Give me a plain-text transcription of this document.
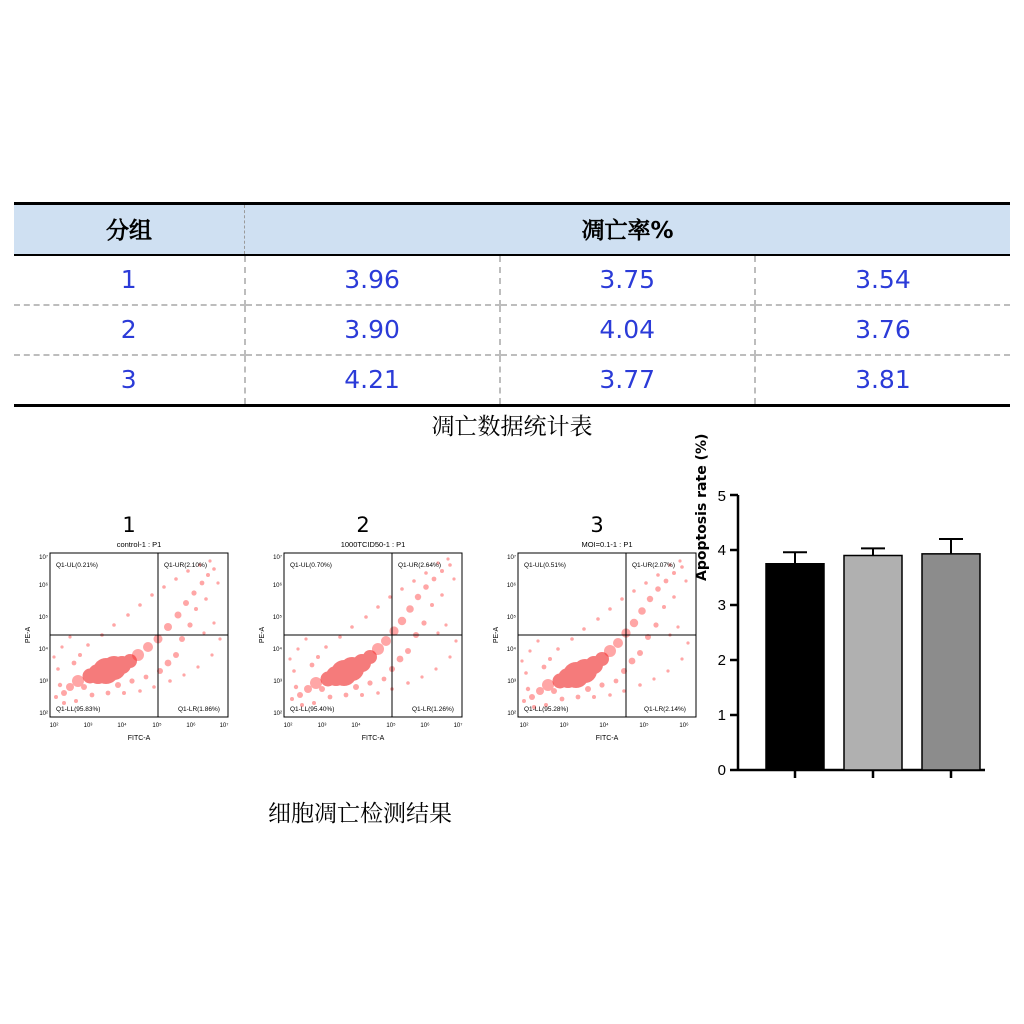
分组	凋亡率%		
1	3.96	3.75	3.54
2	3.90	4.04	3.76
3	4.21	3.77	3.81
凋亡数据统计表
1
control-1 : P1
Q1-UL(0.21%)	Q1-UR(2.10%)
Q1-LL(95.83%)	Q1-LR(1.86%)
FITC-A
PE-A
10²	10³	10⁴	10⁵	10⁶	10⁷
10²
10³
10⁴
10⁵
10⁶
10⁷
2
1000TCID50-1 : P1
Q1-UL(0.70%)	Q1-UR(2.64%)
Q1-LL(95.40%)	Q1-LR(1.26%)
FITC-A
PE-A
10²	10³	10⁴	10⁵	10⁶	10⁷
10²
10³
10⁴
10⁵
10⁶
10⁷
3
MOI=0.1-1 : P1
Q1-UL(0.51%)	Q1-UR(2.07%)
Q1-LL(95.28%)	Q1-LR(2.14%)
FITC-A
PE-A
10²	10³	10⁴	10⁵	10⁶
10²
10³
10⁴
10⁵
10⁶
10⁷
细胞凋亡检测结果
0
1
2
3
4
5
Apoptosis rate (%)
